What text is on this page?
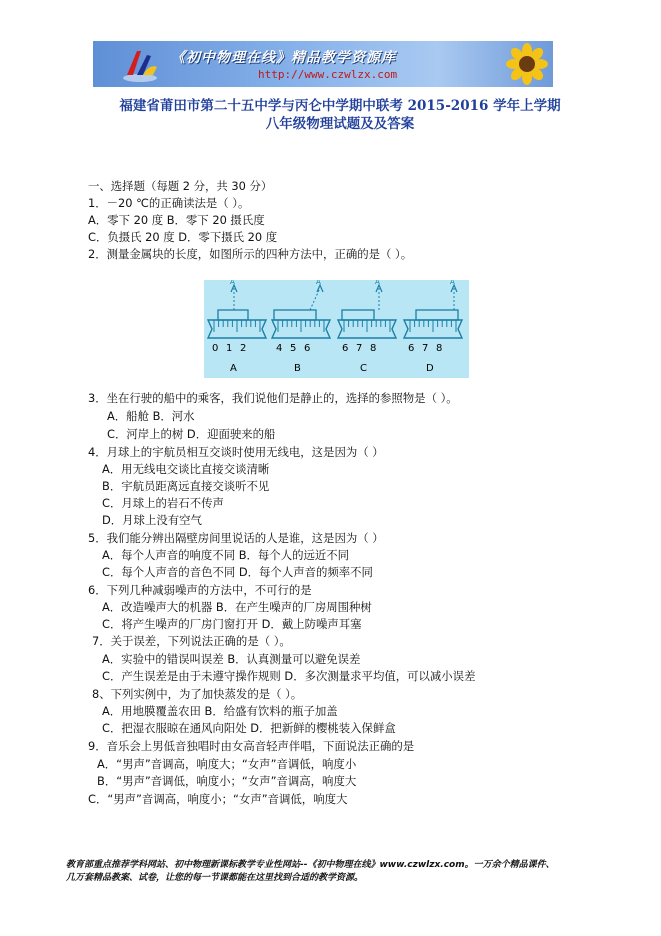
《初中物理在线》精品教学资源库
http://www.czwlzx.com
福建省莆田市第二十五中学与丙仑中学期中联考 2015-2016 学年上学期
八年级物理试题及及答案
一、选择题（每题 2 分，共 30 分）
1．－20 ℃的正确读法是（ ）。
A．零下 20 度 B．零下 20 摄氏度
C．负摄氏 20 度 D．零下摄氏 20 度
2．测量金属块的长度，如图所示的四种方法中，正确的是（ ）。
3．坐在行驶的船中的乘客，我们说他们是静止的，选择的参照物是（ ）。
A．船舱 B．河水
C．河岸上的树 D．迎面驶来的船
4．月球上的宇航员相互交谈时使用无线电，这是因为（ ）
A．用无线电交谈比直接交谈清晰
B．宇航员距离远直接交谈听不见
C．月球上的岩石不传声
D．月球上没有空气
5．我们能分辨出隔壁房间里说话的人是谁，这是因为（ ）
A．每个人声音的响度不同 B．每个人的远近不同
C．每个人声音的音色不同 D．每个人声音的频率不同
6．下列几种减弱噪声的方法中，不可行的是
A．改造噪声大的机器 B．在产生噪声的厂房周围种树
C．将产生噪声的厂房门窗打开 D．戴上防噪声耳塞
7．关于误差，下列说法正确的是（ ）。
A．实验中的错误叫误差 B．认真测量可以避免误差
C．产生误差是由于未遵守操作规则 D．多次测量求平均值，可以减小误差
8、下列实例中，为了加快蒸发的是（ ）。
A．用地膜覆盖农田 B．给盛有饮料的瓶子加盖
C．把湿衣服晾在通风向阳处 D．把新鲜的樱桃装入保鲜盒
9．音乐会上男低音独唱时由女高音轻声伴唱，下面说法正确的是
A．“男声”音调高，响度大；“女声”音调低，响度小
B．“男声”音调低，响度小；“女声”音调高，响度大
C．“男声”音调高，响度小；“女声”音调低，响度大
A
0 1 2
A
A
4 5 6
B
A
6 7 8
C
A
6 7 8
D
教育部重点推荐学科网站、初中物理新课标教学专业性网站--《初中物理在线》www.czwlzx.com。一万余个精品课件、
几万套精品教案、试卷，让您的每一节课都能在这里找到合适的教学资源。
